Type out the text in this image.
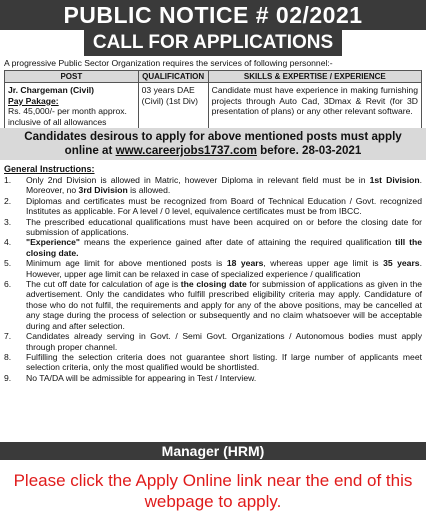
PUBLIC NOTICE # 02/2021
CALL FOR APPLICATIONS
A progressive Public Sector Organization requires the services of following personnel:-
POST	QUALIFICATION	SKILLS & EXPERTISE / EXPERIENCE
Jr. Chargeman (Civil)
Pay Pakage:
Rs. 45,000/- per month approx. inclusive of all allowances	03 years DAE (Civil) (1st Div)	Candidate must have experience in making furnishing projects through Auto Cad, 3Dmax & Revit (for 3D presentation of plans) or any other relevant software.
Candidates desirous to apply for above mentioned posts must apply
online at www.careerjobs1737.com before. 28-03-2021
General Instructions:
1.	Only 2nd Division is allowed in Matric, however Diploma in relevant field must be in 1st Division. Moreover, no 3rd Division is allowed.
2.	Diplomas and certificates must be recognized from Board of Technical Education / Govt. recognized Institutes as applicable. For A level / 0 level, equivalence certificates must be from IBCC.
3.	The prescribed educational qualifications must have been acquired on or before the closing date for submission of applications.
4.	"Experience" means the experience gained after date of attaining the required qualification till the closing date.
5.	Minimum age limit for above mentioned posts is 18 years, whereas upper age limit is 35 years. However, upper age limit can be relaxed in case of specialized experience / qualification
6.	The cut off date for calculation of age is the closing date for submission of applications as given in the advertisement. Only the candidates who fulfill prescribed eligibility criteria may apply. Candidature of those who do not fulfil, the requirements and apply for any of the above positions, may be cancelled at any stage during the process of selection or subsequently and no claim whatsoever will be acceptable during and after selection.
7.	Candidates already serving in Govt. / Semi Govt. Organizations / Autonomous bodies must apply through proper channel.
8.	Fulfilling the selection criteria does not guarantee short listing. If large number of applicants meet selection criteria, only the most qualified would be shortlisted.
9.	No TA/DA will be admissible for appearing in Test / Interview.
Manager (HRM)
Please click the Apply Online link near the end of this webpage to apply.
